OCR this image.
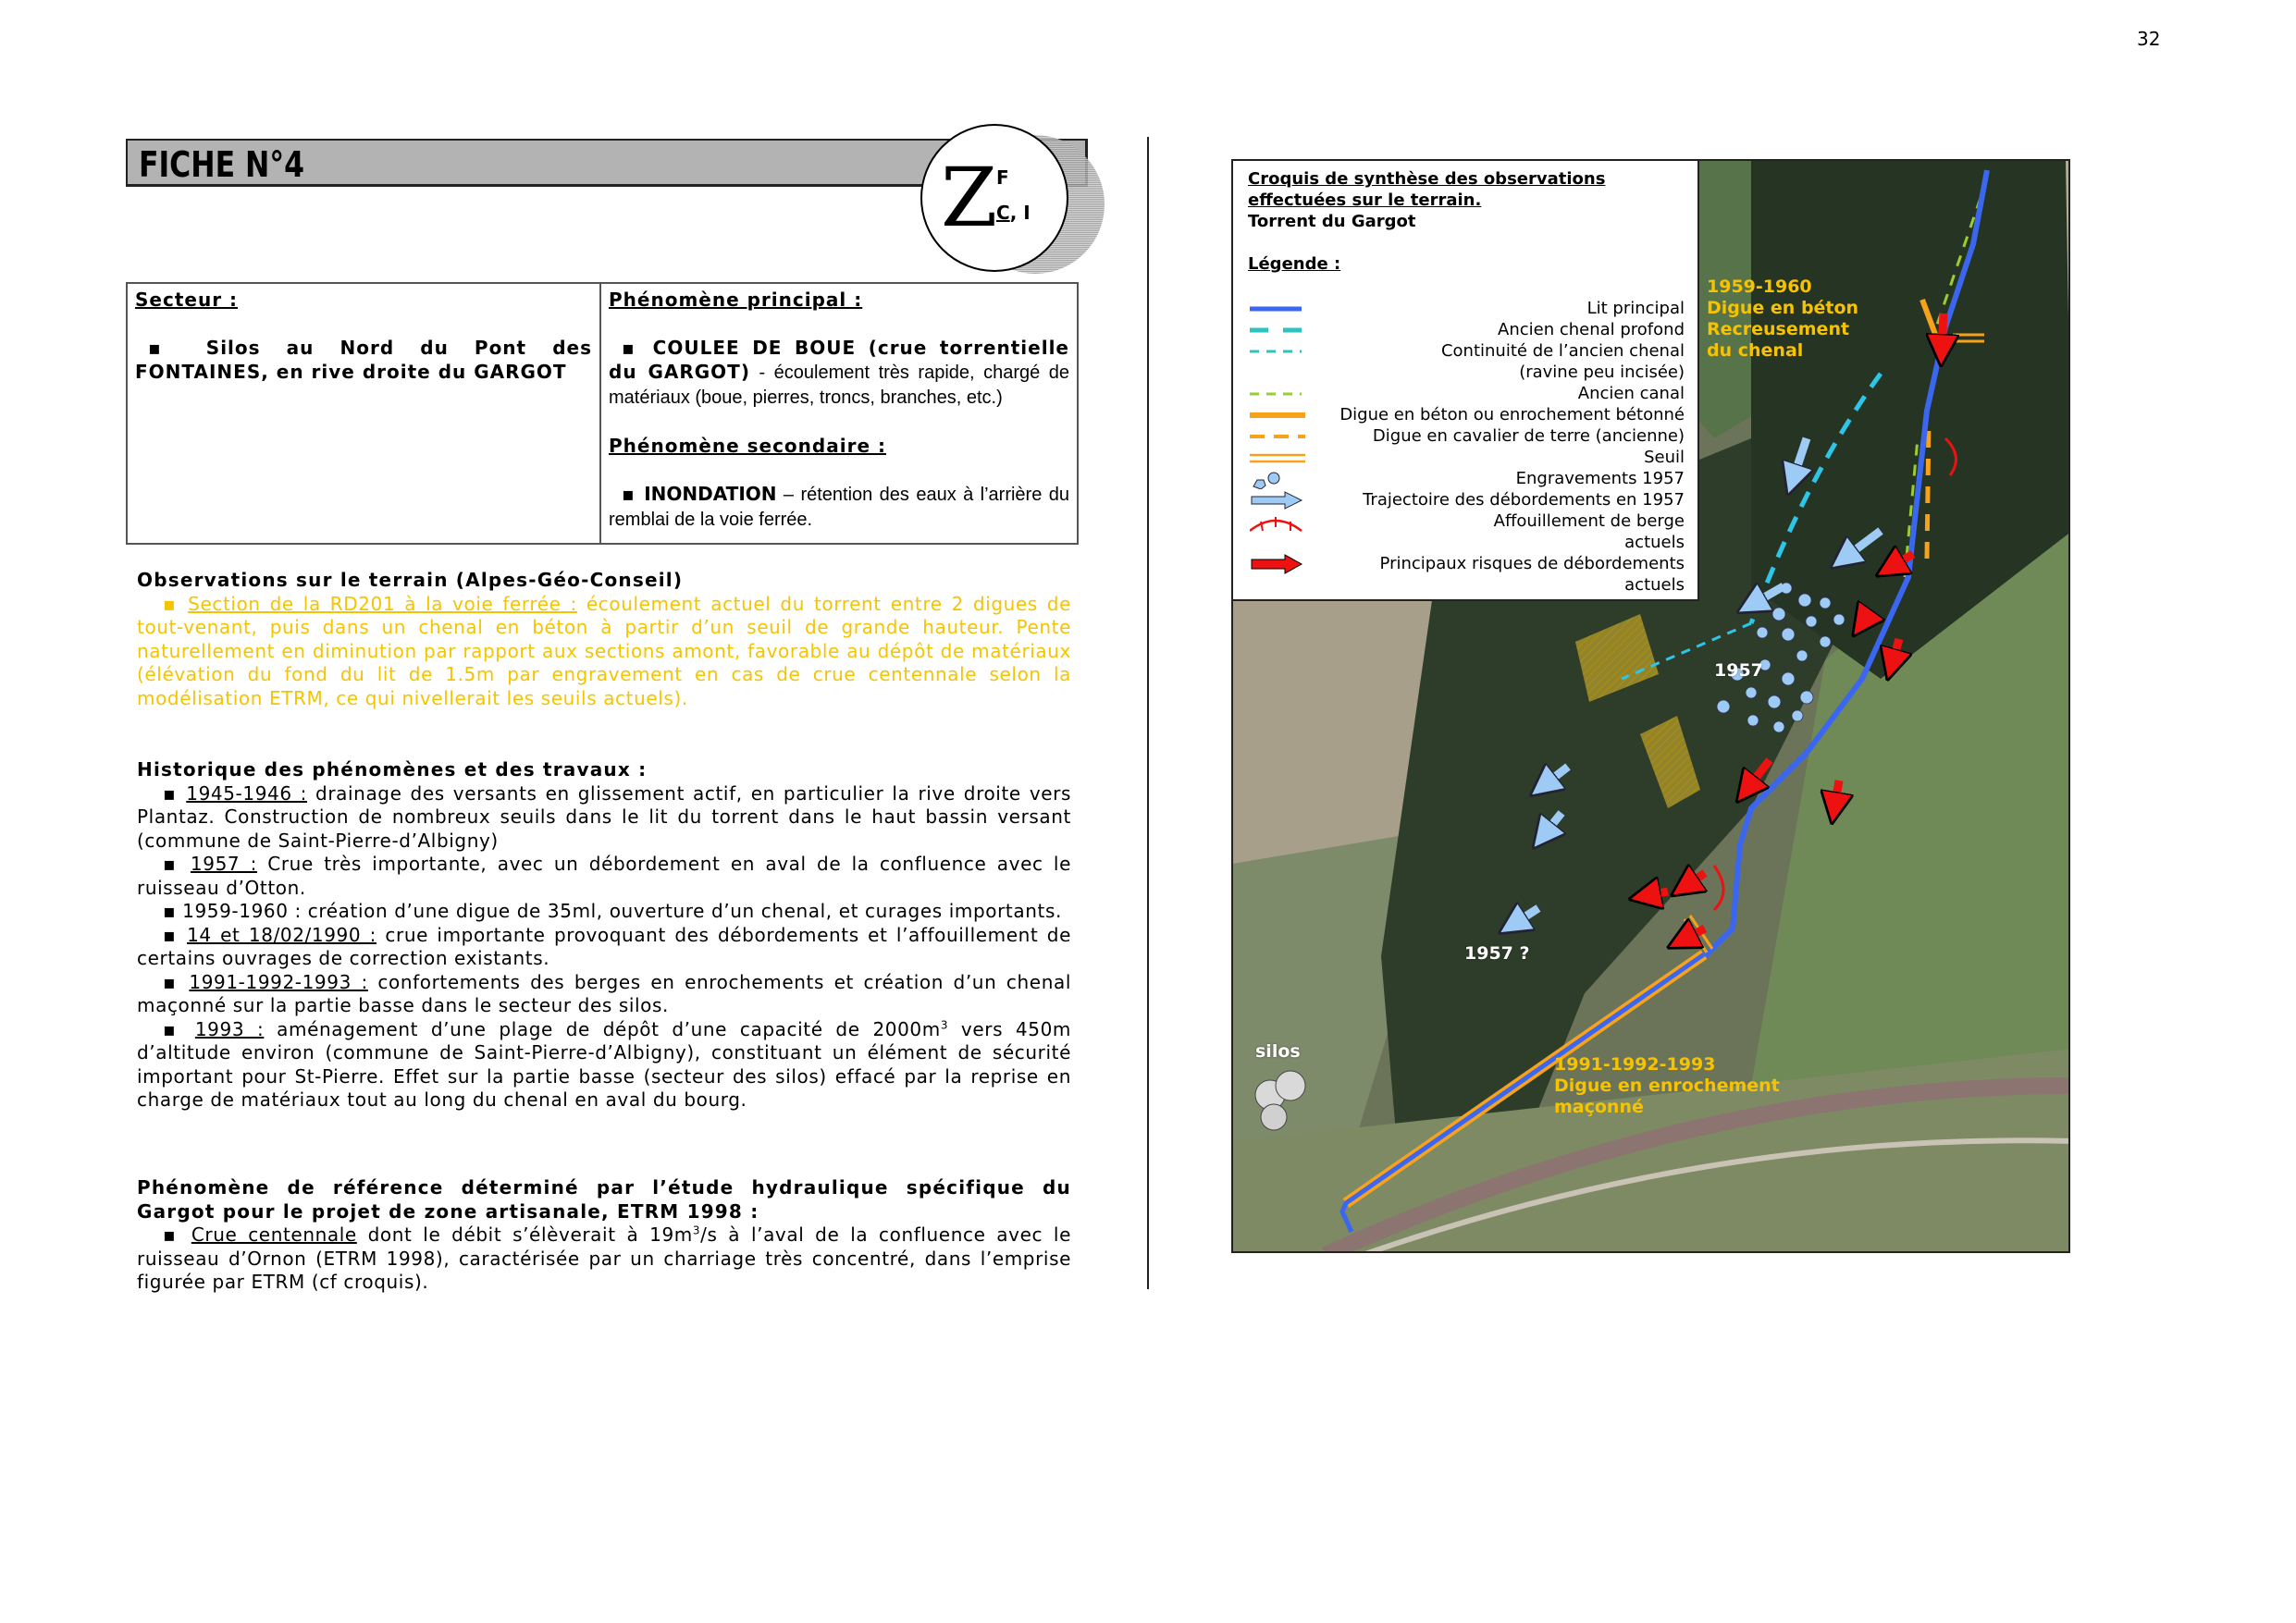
32
FICHE N°4	Z
F
C, I
Secteur :
▪ Silos au Nord du Pont des FONTAINES, en rive droite du GARGOT
Phénomène principal :
▪ COULEE DE BOUE (crue torrentielle du GARGOT) - écoulement très rapide, chargé de matériaux (boue, pierres, troncs, branches, etc.)
Phénomène secondaire :
▪ INONDATION – rétention des eaux à l’arrière du remblai de la voie ferrée.

Observations sur le terrain (Alpes-Géo-Conseil)

▪ Section de la RD201 à la voie ferrée : écoulement actuel du torrent entre 2 digues de tout-venant, puis dans un chenal en béton à partir d’un seuil de grande hauteur. Pente naturellement en diminution par rapport aux sections amont, favorable au dépôt de matériaux (élévation du fond du lit de 1.5m par engravement en cas de crue centennale selon la modélisation ETRM, ce qui nivellerait les seuils actuels).

Historique des phénomènes et des travaux :

▪ 1945-1946 : drainage des versants en glissement actif, en particulier la rive droite vers Plantaz. Construction de nombreux seuils dans le lit du torrent dans le haut bassin versant (commune de Saint-Pierre-d’Albigny)

▪ 1957 : Crue très importante, avec un débordement en aval de la confluence avec le ruisseau d’Otton.

▪ 1959-1960 : création d’une digue de 35ml, ouverture d’un chenal, et curages importants.

▪ 14 et 18/02/1990 : crue importante provoquant des débordements et l’affouillement de certains ouvrages de correction existants.

▪ 1991-1992-1993 : confortements des berges en enrochements et création d’un chenal maçonné sur la partie basse dans le secteur des silos.

▪ 1993 : aménagement d’une plage de dépôt d’une capacité de $2000m^3$ vers 450m d’altitude environ (commune de Saint-Pierre-d’Albigny), constituant un élément de sécurité important pour St-Pierre. Effet sur la partie basse (secteur des silos) effacé par la reprise en charge de matériaux tout au long du chenal en aval du bourg.

Phénomène de référence déterminé par l’étude hydraulique spécifique du Gargot pour le projet de zone artisanale, ETRM 1998 :

▪ Crue centennale dont le débit s’élèverait à $19m^3/s$ à l’aval de la confluence avec le ruisseau d’Ornon (ETRM 1998), caractérisée par un charriage très concentré, dans l’emprise figurée par ETRM (cf croquis).

1959-1960
Digue en béton
Recreusement
du chenal
1957
1957 ?
silos
1991-1992-1993
Digue en enrochement
maçonné
Croquis de synthèse des observations
effectuées sur le terrain.
Torrent du Gargot
Légende :
Lit principal
Ancien chenal profond
Continuité de l’ancien chenal
(ravine peu incisée)
Ancien canal
Digue en béton ou enrochement bétonné
Digue en cavalier de terre (ancienne)
Seuil
Engravements 1957
Trajectoire des débordements en 1957
Affouillement de berge
actuels
Principaux risques de débordements
actuels
